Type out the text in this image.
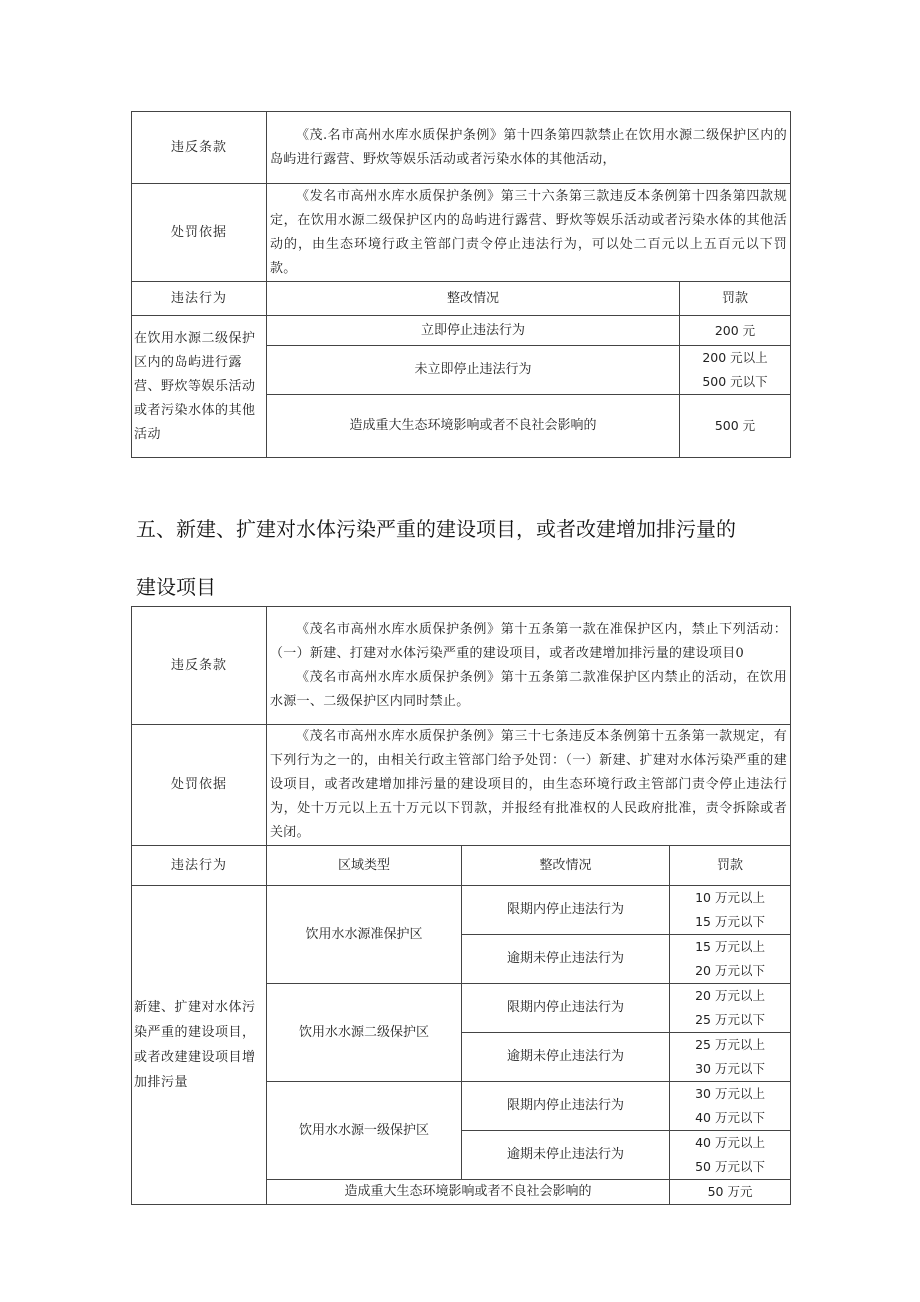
违反条款	《茂.名市高州水库水质保护条例》第十四条第四款禁止在饮用水源二级保护区内的岛屿进行露营、野炊等娱乐活动或者污染水体的其他活动，	
处罚依据	《发名市高州水库水质保护条例》第三十六条第三款违反本条例第十四条第四款规定，在饮用水源二级保护区内的岛屿进行露营、野炊等娱乐活动或者污染水体的其他活动的，由生态环境行政主管部门责令停止违法行为，可以处二百元以上五百元以下罚款。	
违法行为	整改情况	罚款
在饮用水源二级保护区内的岛屿进行露营、野炊等娱乐活动或者污染水体的其他活动	立即停止违法行为	200 元

	未立即停止违法行为	200 元以上
500 元以下

	造成重大生态环境影响或者不良社会影响的	500 元
五、新建、扩建对水体污染严重的建设项目，或者改建增加排污量的
建设项目
违反条款	《茂名市高州水库水质保护条例》第十五条第一款在准保护区内，禁止下列活动：（一）新建、打建对水体污染严重的建设项目，或者改建增加排污量的建设项目0
《茂名市高州水库水质保护条例》第十五条第二款准保护区内禁止的活动，在饮用水源一、二级保护区内同时禁止。		

处罚依据	《茂名市高州水库水质保护条例》第三十七条违反本条例第十五条第一款规定，有下列行为之一的，由相关行政主管部门给予处罚：（一）新建、扩建对水体污染严重的建设项目，或者改建增加排污量的建设项目的，由生态环境行政主管部门责令停止违法行为，处十万元以上五十万元以下罚款，并报经有批准权的人民政府批准，责令拆除或者关闭。		
违法行为	区域类型	整改情况	罚款
新建、扩建对水体污染严重的建设项目，或者改建建设项目增加排污量	饮用水水源准保护区	限期内停止违法行为	10 万元以上
15 万元以下

		逾期未停止违法行为	15 万元以上
20 万元以下

	饮用水水源二级保护区	限期内停止违法行为	20 万元以上
25 万元以下

		逾期未停止违法行为	25 万元以上
30 万元以下

	饮用水水源一级保护区	限期内停止违法行为	30 万元以上
40 万元以下

		逾期未停止违法行为	40 万元以上
50 万元以下

	造成重大生态环境影响或者不良社会影响的		50 万元
